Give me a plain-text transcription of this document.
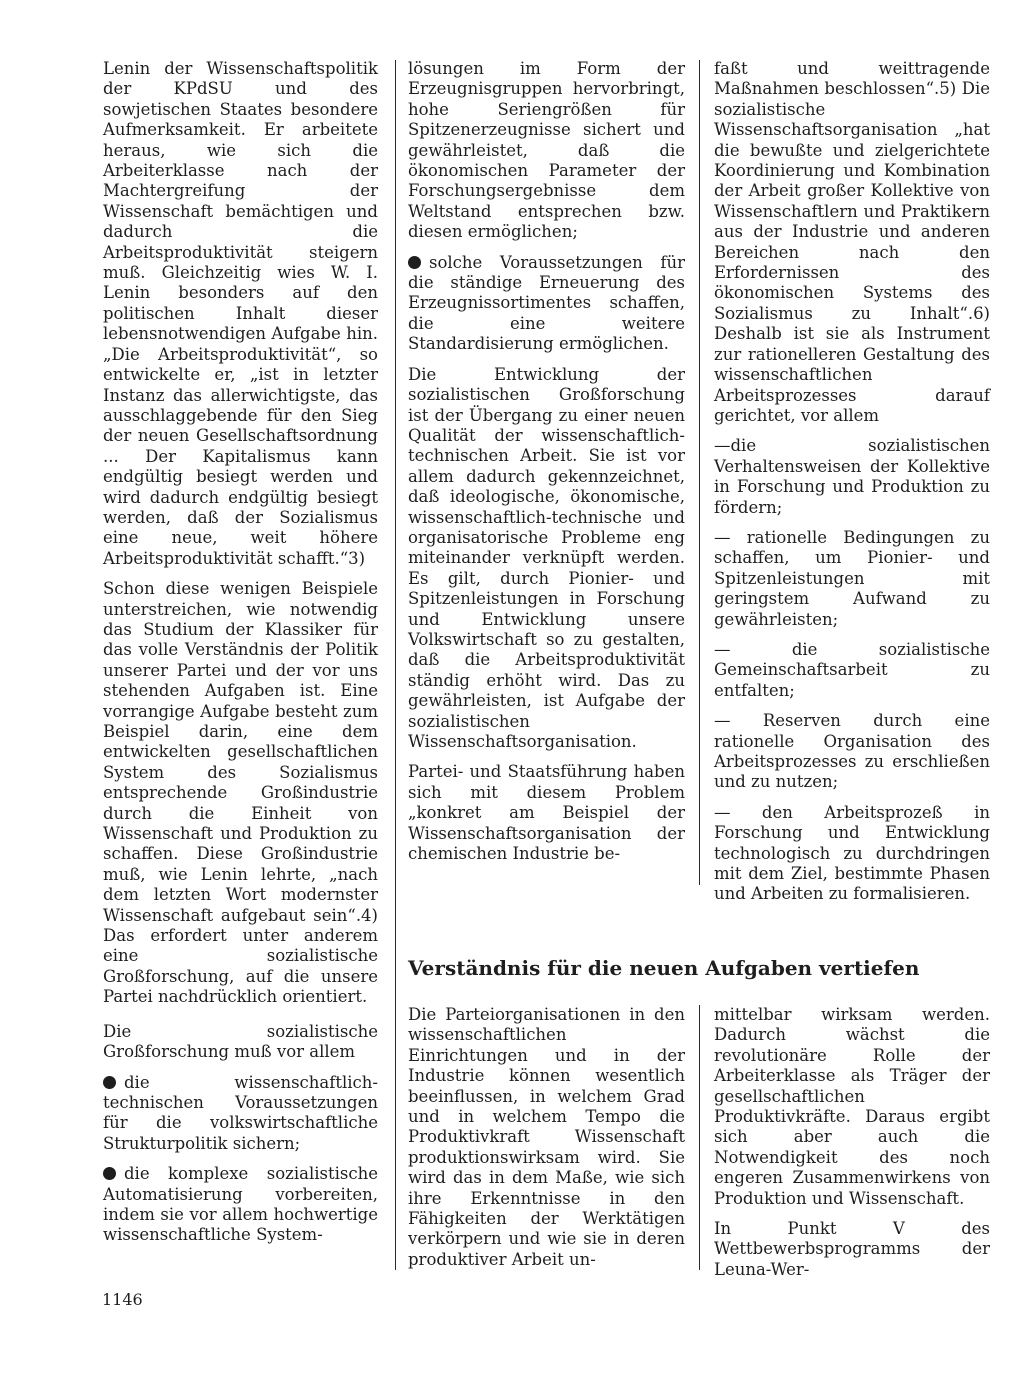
Lenin der Wissenschaftspolitik der KPdSU und des sowjetischen Staates besondere Aufmerksamkeit. Er arbeitete heraus, wie sich die Arbeiterklasse nach der Machtergreifung der Wissenschaft bemächtigen und dadurch die Arbeitsproduktivität steigern muß. Gleichzeitig wies W. I. Lenin besonders auf den politischen Inhalt dieser lebensnotwendigen Aufgabe hin. „Die Arbeitsproduktivität“, so entwickelte er, „ist in letzter Instanz das allerwichtigste, das ausschlaggebende für den Sieg der neuen Gesellschaftsordnung ... Der Kapitalismus kann endgültig besiegt werden und wird dadurch endgültig besiegt werden, daß der Sozialismus eine neue, weit höhere Arbeitsproduktivität schafft.“3)

Schon diese wenigen Beispiele unterstreichen, wie notwendig das Studium der Klassiker für das volle Verständnis der Politik unserer Partei und der vor uns stehenden Aufgaben ist. Eine vorrangige Aufgabe besteht zum Beispiel darin, eine dem entwickelten gesellschaftlichen System des Sozialismus entsprechende Großindustrie durch die Einheit von Wissenschaft und Produktion zu schaffen. Diese Großindustrie muß, wie Lenin lehrte, „nach dem letzten Wort modernster Wissenschaft aufgebaut sein“.4) Das erfordert unter anderem eine sozialistische Großforschung, auf die unsere Partei nachdrücklich orientiert.

Die sozialistische Großforschung muß vor allem

die wissenschaftlich-technischen Voraussetzungen für die volkswirtschaftliche Strukturpolitik sichern;

die komplexe sozialistische Automatisierung vorbereiten, indem sie vor allem hochwertige wissenschaftliche System-

lösungen im Form der Erzeugnisgruppen hervorbringt, hohe Seriengrößen für Spitzenerzeugnisse sichert und gewährleistet, daß die ökonomischen Parameter der Forschungsergebnisse dem Weltstand entsprechen bzw. diesen ermöglichen;

solche Voraussetzungen für die ständige Erneuerung des Erzeugnissortimentes schaffen, die eine weitere Standardisierung ermöglichen.

Die Entwicklung der sozialistischen Großforschung ist der Übergang zu einer neuen Qualität der wissenschaftlich-technischen Arbeit. Sie ist vor allem dadurch gekennzeichnet, daß ideologische, ökonomische, wissenschaftlich-technische und organisatorische Probleme eng miteinander verknüpft werden. Es gilt, durch Pionier- und Spitzenleistungen in Forschung und Entwicklung unsere Volkswirtschaft so zu gestalten, daß die Arbeitsproduktivität ständig erhöht wird. Das zu gewährleisten, ist Aufgabe der sozialistischen Wissenschaftsorganisation.

Partei- und Staatsführung haben sich mit diesem Problem „konkret am Beispiel der Wissenschaftsorganisation der chemischen Industrie be-

faßt und weittragende Maßnahmen beschlossen“.5) Die sozialistische Wissenschaftsorganisation „hat die bewußte und zielgerichtete Koordinierung und Kombination der Arbeit großer Kollektive von Wissenschaftlern und Praktikern aus der Industrie und anderen Bereichen nach den Erfordernissen des ökonomischen Systems des Sozialismus zu Inhalt“.6) Deshalb ist sie als Instrument zur rationelleren Gestaltung des wissenschaftlichen Arbeitsprozesses darauf gerichtet, vor allem

—die sozialistischen Verhaltensweisen der Kollektive in Forschung und Produktion zu fördern;

— rationelle Bedingungen zu schaffen, um Pionier- und Spitzenleistungen mit geringstem Aufwand zu gewährleisten;

— die sozialistische Gemeinschaftsarbeit zu entfalten;

— Reserven durch eine rationelle Organisation des Arbeitsprozesses zu erschließen und zu nutzen;

— den Arbeitsprozeß in Forschung und Entwicklung technologisch zu durchdringen mit dem Ziel, bestimmte Phasen und Arbeiten zu formalisieren.

Verständnis für die neuen Aufgaben vertiefen

Die Parteiorganisationen in den wissenschaftlichen Einrichtungen und in der Industrie können wesentlich beeinflussen, in welchem Grad und in welchem Tempo die Produktivkraft Wissenschaft produktionswirksam wird. Sie wird das in dem Maße, wie sich ihre Erkenntnisse in den Fähigkeiten der Werktätigen verkörpern und wie sie in deren produktiver Arbeit un-

mittelbar wirksam werden. Dadurch wächst die revolutionäre Rolle der Arbeiterklasse als Träger der gesellschaftlichen Produktivkräfte. Daraus ergibt sich aber auch die Notwendigkeit des noch engeren Zusammenwirkens von Produktion und Wissenschaft.

In Punkt V des Wettbewerbsprogramms der Leuna-Wer-

1146
